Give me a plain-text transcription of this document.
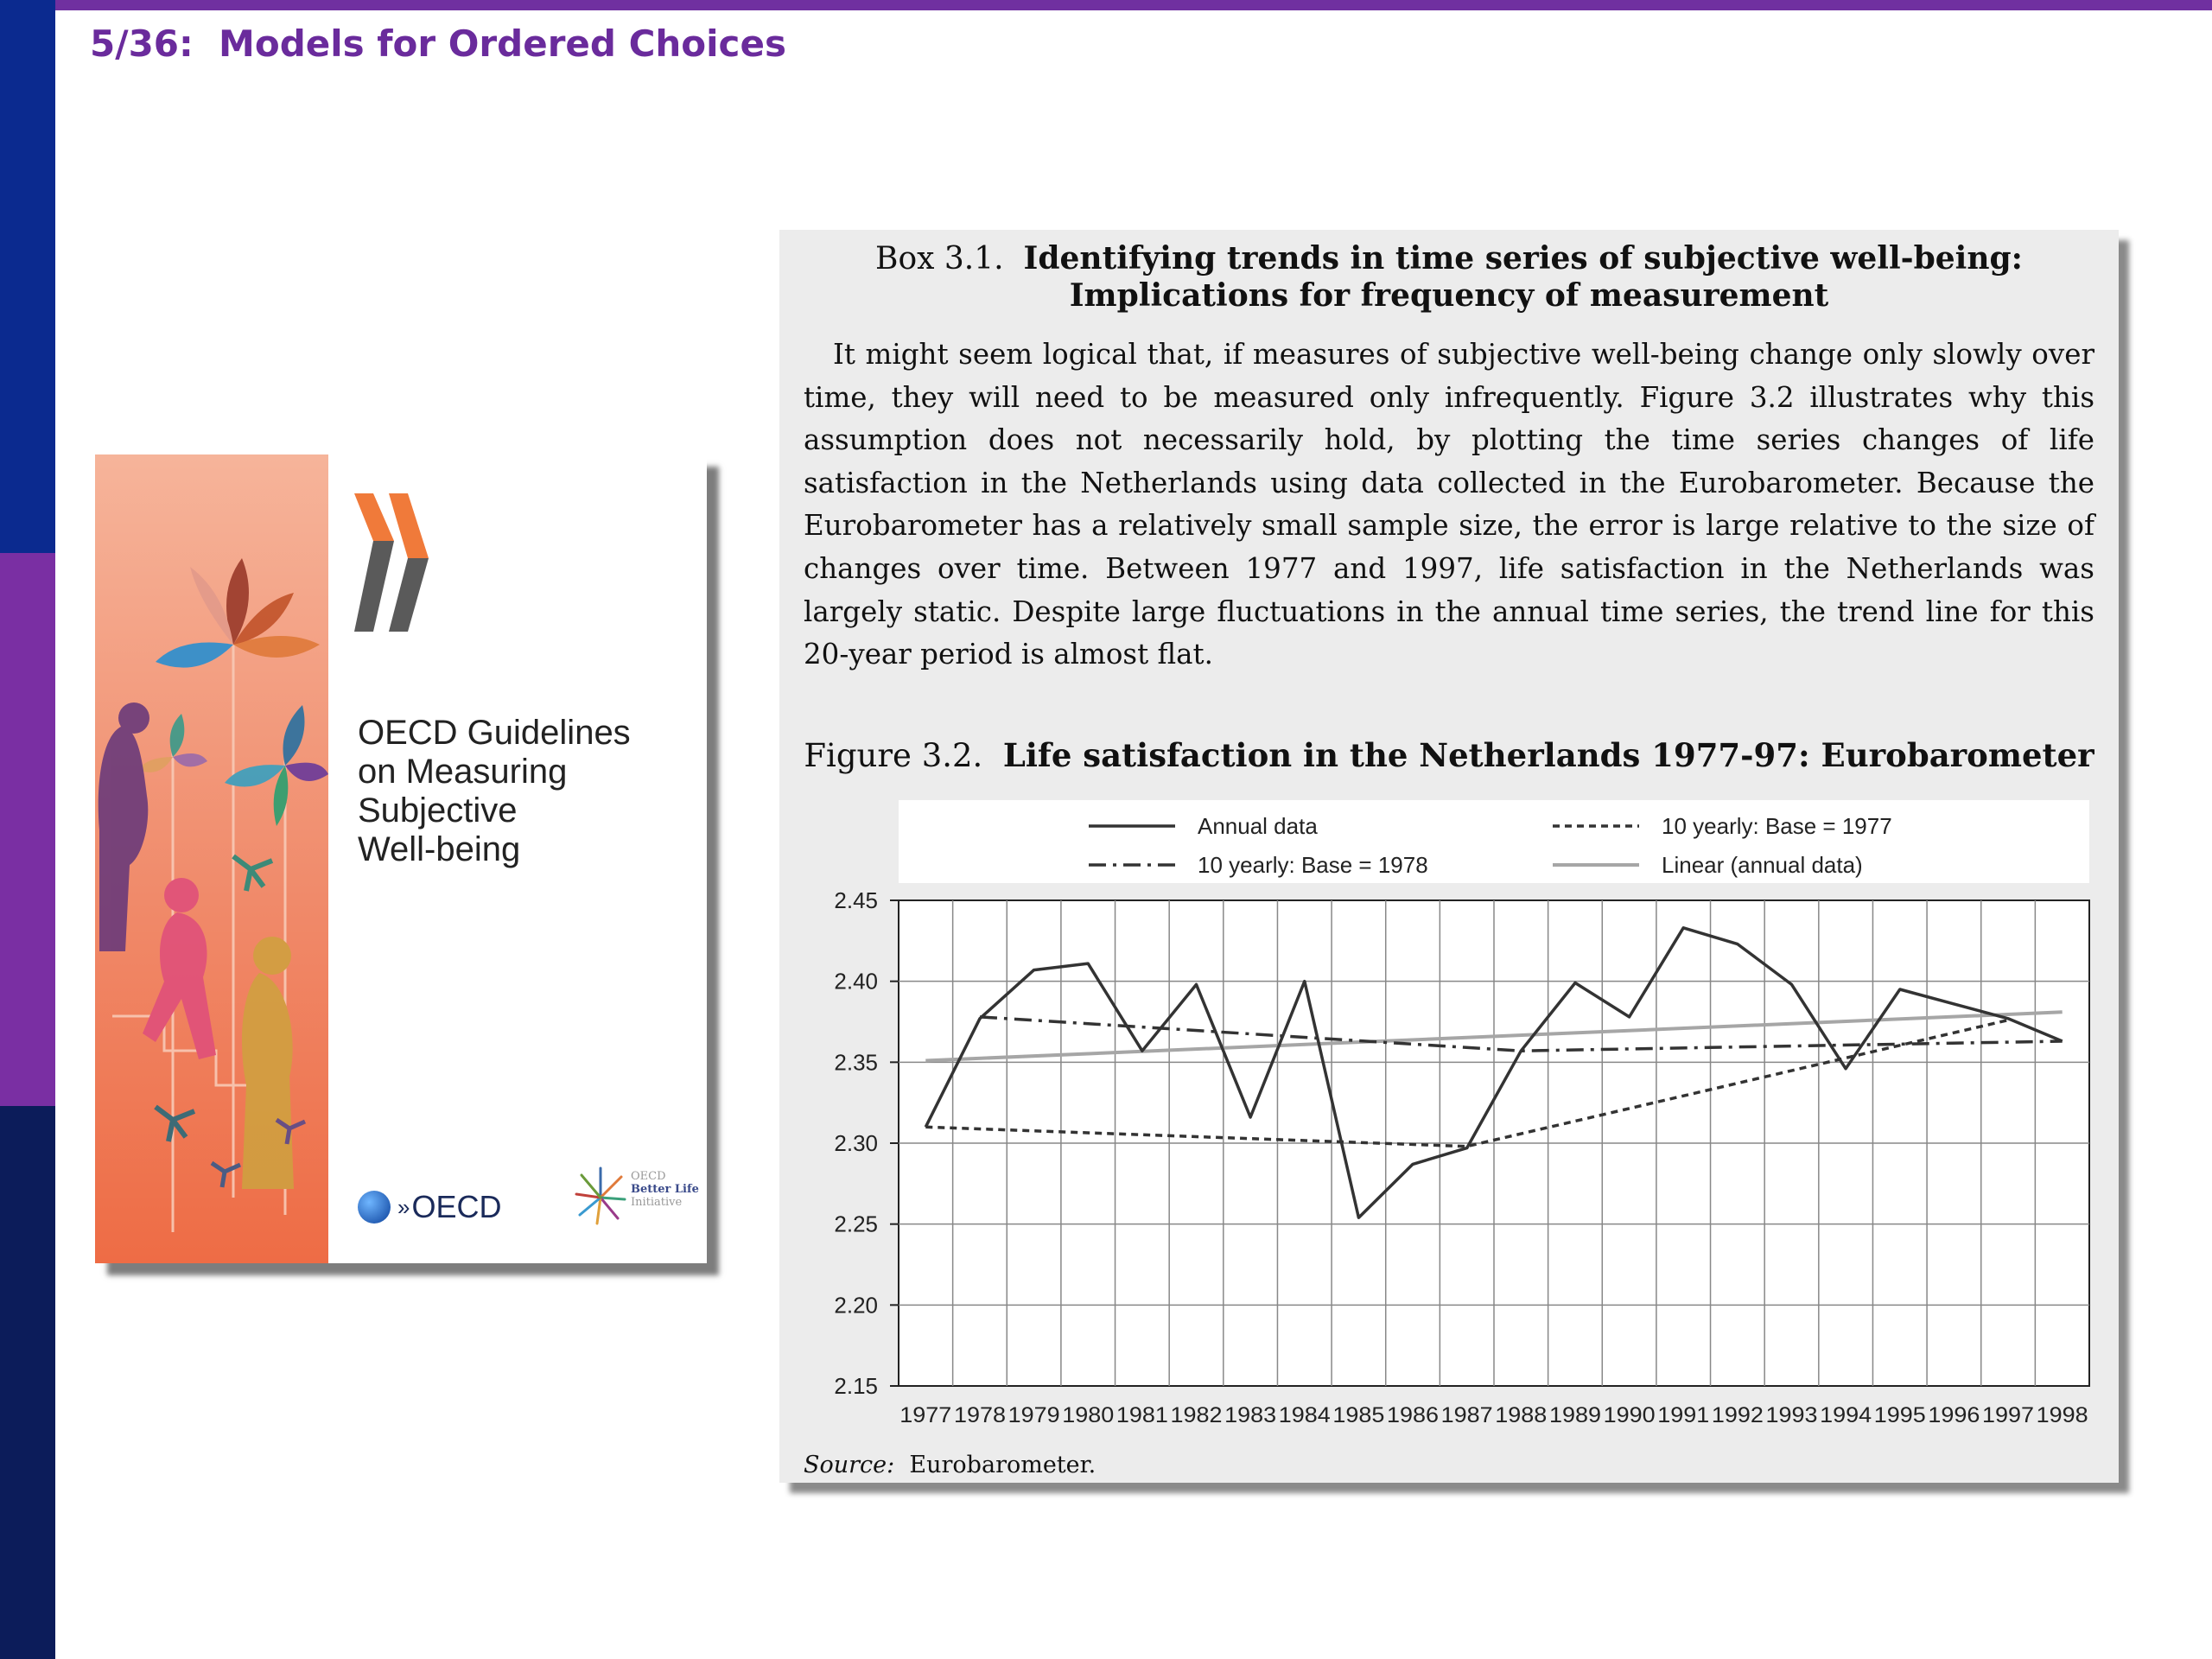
5/36:  Models for Ordered Choices
OECD Guidelines
on Measuring
Subjective
Well-being
» OECD
OECD
Better Life
Initiative
Box 3.1. Identifying trends in time series of subjective well-being:
Implications for frequency of measurement
It might seem logical that, if measures of subjective well-being change only slowly over time, they will need to be measured only infrequently. Figure 3.2 illustrates why this assumption does not necessarily hold, by plotting the time series changes of life satisfaction in the Netherlands using data collected in the Eurobarometer. Because the Eurobarometer has a relatively small sample size, the error is large relative to the size of changes over time. Between 1977 and 1997, life satisfaction in the Netherlands was largely static. Despite large fluctuations in the annual time series, the trend line for this 20-year period is almost flat.
Figure 3.2. Life satisfaction in the Netherlands 1977-97: Eurobarometer
2.45
2.40
2.35
2.30
2.25
2.20
2.15
1977 1978 1979 1980 1981 1982 1983 1984 1985 1986 1987 1988 1989 1990 1991 1992 1993 1994 1995 1996 1997 1998
Annual data	10 yearly: Base = 1977
10 yearly: Base = 1978	Linear (annual data)
Source: Eurobarometer.
